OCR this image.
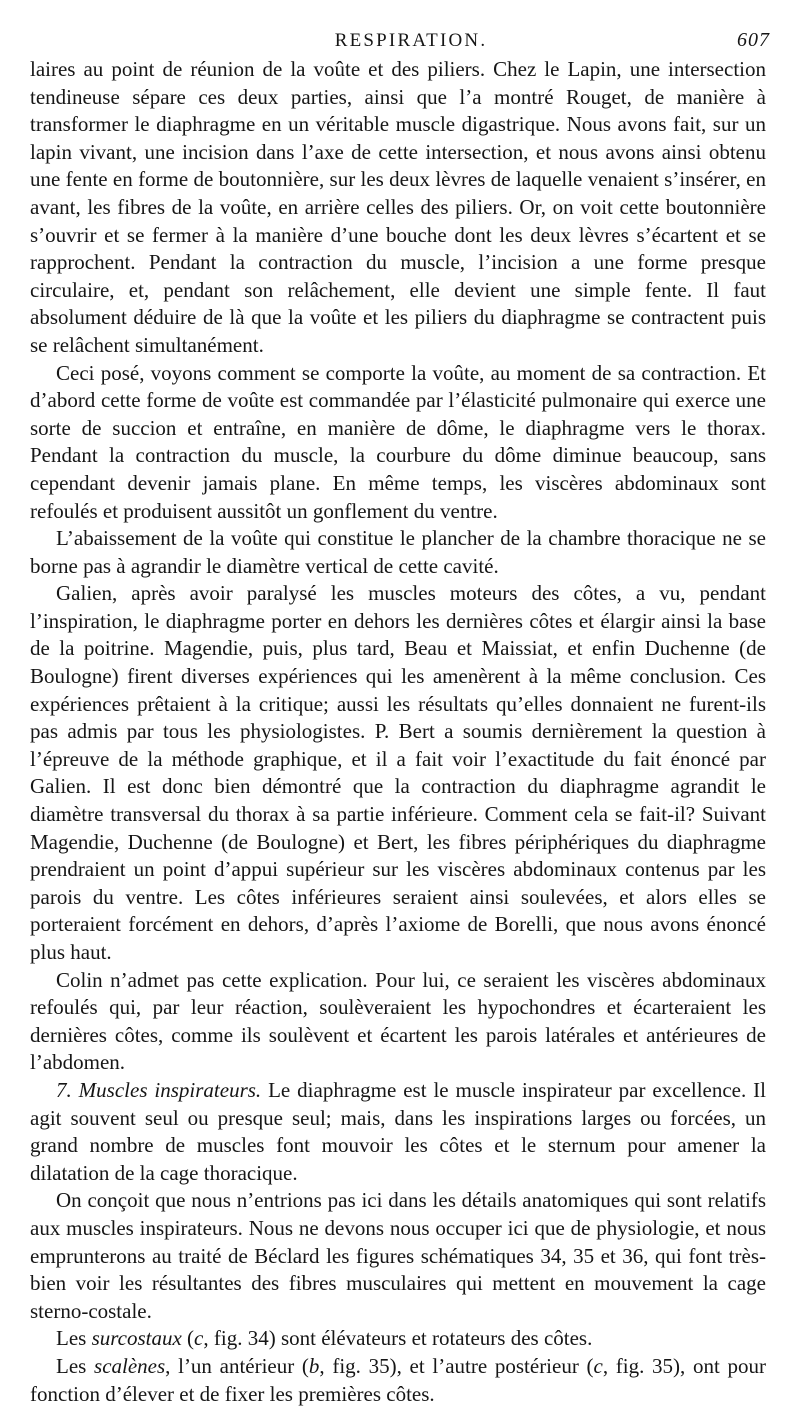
RESPIRATION.	607

laires au point de réunion de la voûte et des piliers. Chez le Lapin, une intersection tendineuse sépare ces deux parties, ainsi que l’a montré Rouget, de manière à transformer le diaphragme en un véritable muscle digastrique. Nous avons fait, sur un lapin vivant, une incision dans l’axe de cette intersection, et nous avons ainsi obtenu une fente en forme de boutonnière, sur les deux lèvres de laquelle venaient s’insérer, en avant, les fibres de la voûte, en arrière celles des piliers. Or, on voit cette boutonnière s’ouvrir et se fermer à la manière d’une bouche dont les deux lèvres s’écartent et se rapprochent. Pendant la contraction du muscle, l’incision a une forme presque circulaire, et, pendant son relâchement, elle devient une simple fente. Il faut absolument déduire de là que la voûte et les piliers du diaphragme se contractent puis se relâchent simultanément.

Ceci posé, voyons comment se comporte la voûte, au moment de sa contraction. Et d’abord cette forme de voûte est commandée par l’élasticité pulmonaire qui exerce une sorte de succion et entraîne, en manière de dôme, le diaphragme vers le thorax. Pendant la contraction du muscle, la courbure du dôme diminue beaucoup, sans cependant devenir jamais plane. En même temps, les viscères abdominaux sont refoulés et produisent aussitôt un gonflement du ventre.

L’abaissement de la voûte qui constitue le plancher de la chambre thoracique ne se borne pas à agrandir le diamètre vertical de cette cavité.

Galien, après avoir paralysé les muscles moteurs des côtes, a vu, pendant l’inspiration, le diaphragme porter en dehors les dernières côtes et élargir ainsi la base de la poitrine. Magendie, puis, plus tard, Beau et Maissiat, et enfin Duchenne (de Boulogne) firent diverses expériences qui les amenèrent à la même conclusion. Ces expériences prêtaient à la critique; aussi les résultats qu’elles donnaient ne furent-ils pas admis par tous les physiologistes. P. Bert a soumis dernièrement la question à l’épreuve de la méthode graphique, et il a fait voir l’exactitude du fait énoncé par Galien. Il est donc bien démontré que la contraction du diaphragme agrandit le diamètre transversal du thorax à sa partie inférieure. Comment cela se fait-il? Suivant Magendie, Duchenne (de Boulogne) et Bert, les fibres périphériques du diaphragme prendraient un point d’appui supérieur sur les viscères abdominaux contenus par les parois du ventre. Les côtes inférieures seraient ainsi soulevées, et alors elles se porteraient forcément en dehors, d’après l’axiome de Borelli, que nous avons énoncé plus haut.

Colin n’admet pas cette explication. Pour lui, ce seraient les viscères abdominaux refoulés qui, par leur réaction, soulèveraient les hypochondres et écarteraient les dernières côtes, comme ils soulèvent et écartent les parois latérales et antérieures de l’abdomen.

7. Muscles inspirateurs. Le diaphragme est le muscle inspirateur par excellence. Il agit souvent seul ou presque seul; mais, dans les inspirations larges ou forcées, un grand nombre de muscles font mouvoir les côtes et le sternum pour amener la dilatation de la cage thoracique.

On conçoit que nous n’entrions pas ici dans les détails anatomiques qui sont relatifs aux muscles inspirateurs. Nous ne devons nous occuper ici que de physiologie, et nous emprunterons au traité de Béclard les figures schématiques 34, 35 et 36, qui font très-bien voir les résultantes des fibres musculaires qui mettent en mouvement la cage sterno-costale.

Les surcostaux (c, fig. 34) sont élévateurs et rotateurs des côtes.

Les scalènes, l’un antérieur (b, fig. 35), et l’autre postérieur (c, fig. 35), ont pour fonction d’élever et de fixer les premières côtes.
